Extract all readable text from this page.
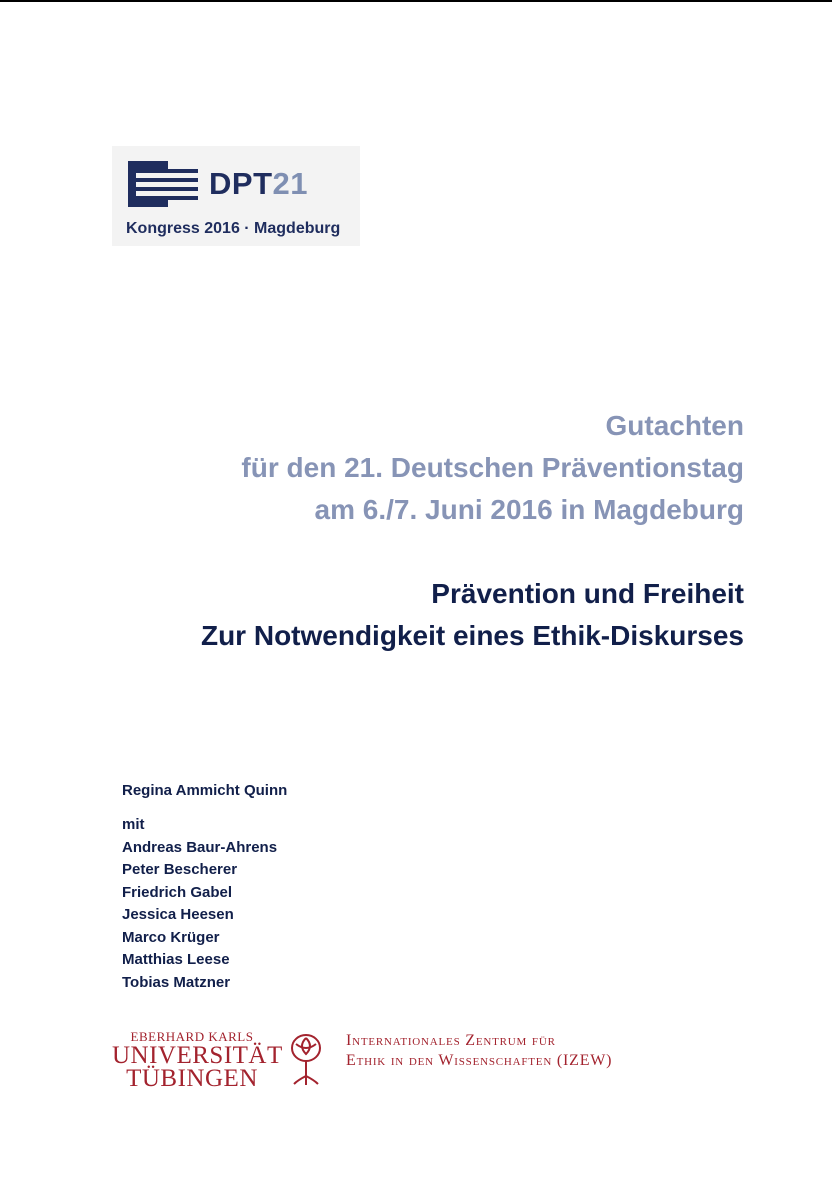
DPT21
Kongress 2016 · Magdeburg
Gutachten
für den 21. Deutschen Präventionstag
am 6./7. Juni 2016 in Magdeburg
Prävention und Freiheit
Zur Notwendigkeit eines Ethik-Diskurses
Regina Ammicht Quinn
mit
Andreas Baur-Ahrens
Peter Bescherer
Friedrich Gabel
Jessica Heesen
Marco Krüger
Matthias Leese
Tobias Matzner
EBERHARD KARLS
UNIVERSITÄT
TÜBINGEN
Internationales Zentrum für
Ethik in den Wissenschaften (IZEW)
